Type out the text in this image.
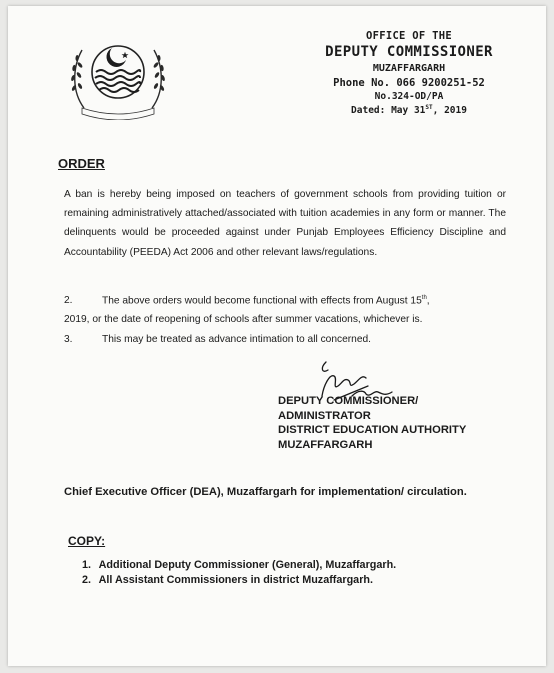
OFFICE OF THE
DEPUTY COMMISSIONER
MUZAFFARGARH
Phone No. 066 9200251-52
No.324-OD/PA
Dated: May 31ST, 2019
ORDER

A ban is hereby being imposed on teachers of government schools from providing tuition or remaining administratively attached/associated with tuition academies in any form or manner. The delinquents would be proceeded against under Punjab Employees Efficiency Discipline and Accountability (PEEDA) Act 2006 and other relevant laws/regulations.

2.	The above orders would become functional with effects from August 15th,
2019, or the date of reopening of schools after summer vacations, whichever is.
3.	This may be treated as advance intimation to all concerned.
DEPUTY COMMISSIONER/
ADMINISTRATOR
DISTRICT EDUCATION AUTHORITY
MUZAFFARGARH
Chief Executive Officer (DEA), Muzaffargarh for implementation/ circulation.
COPY:
1. Additional Deputy Commissioner (General), Muzaffargarh.
2. All Assistant Commissioners in district Muzaffargarh.
